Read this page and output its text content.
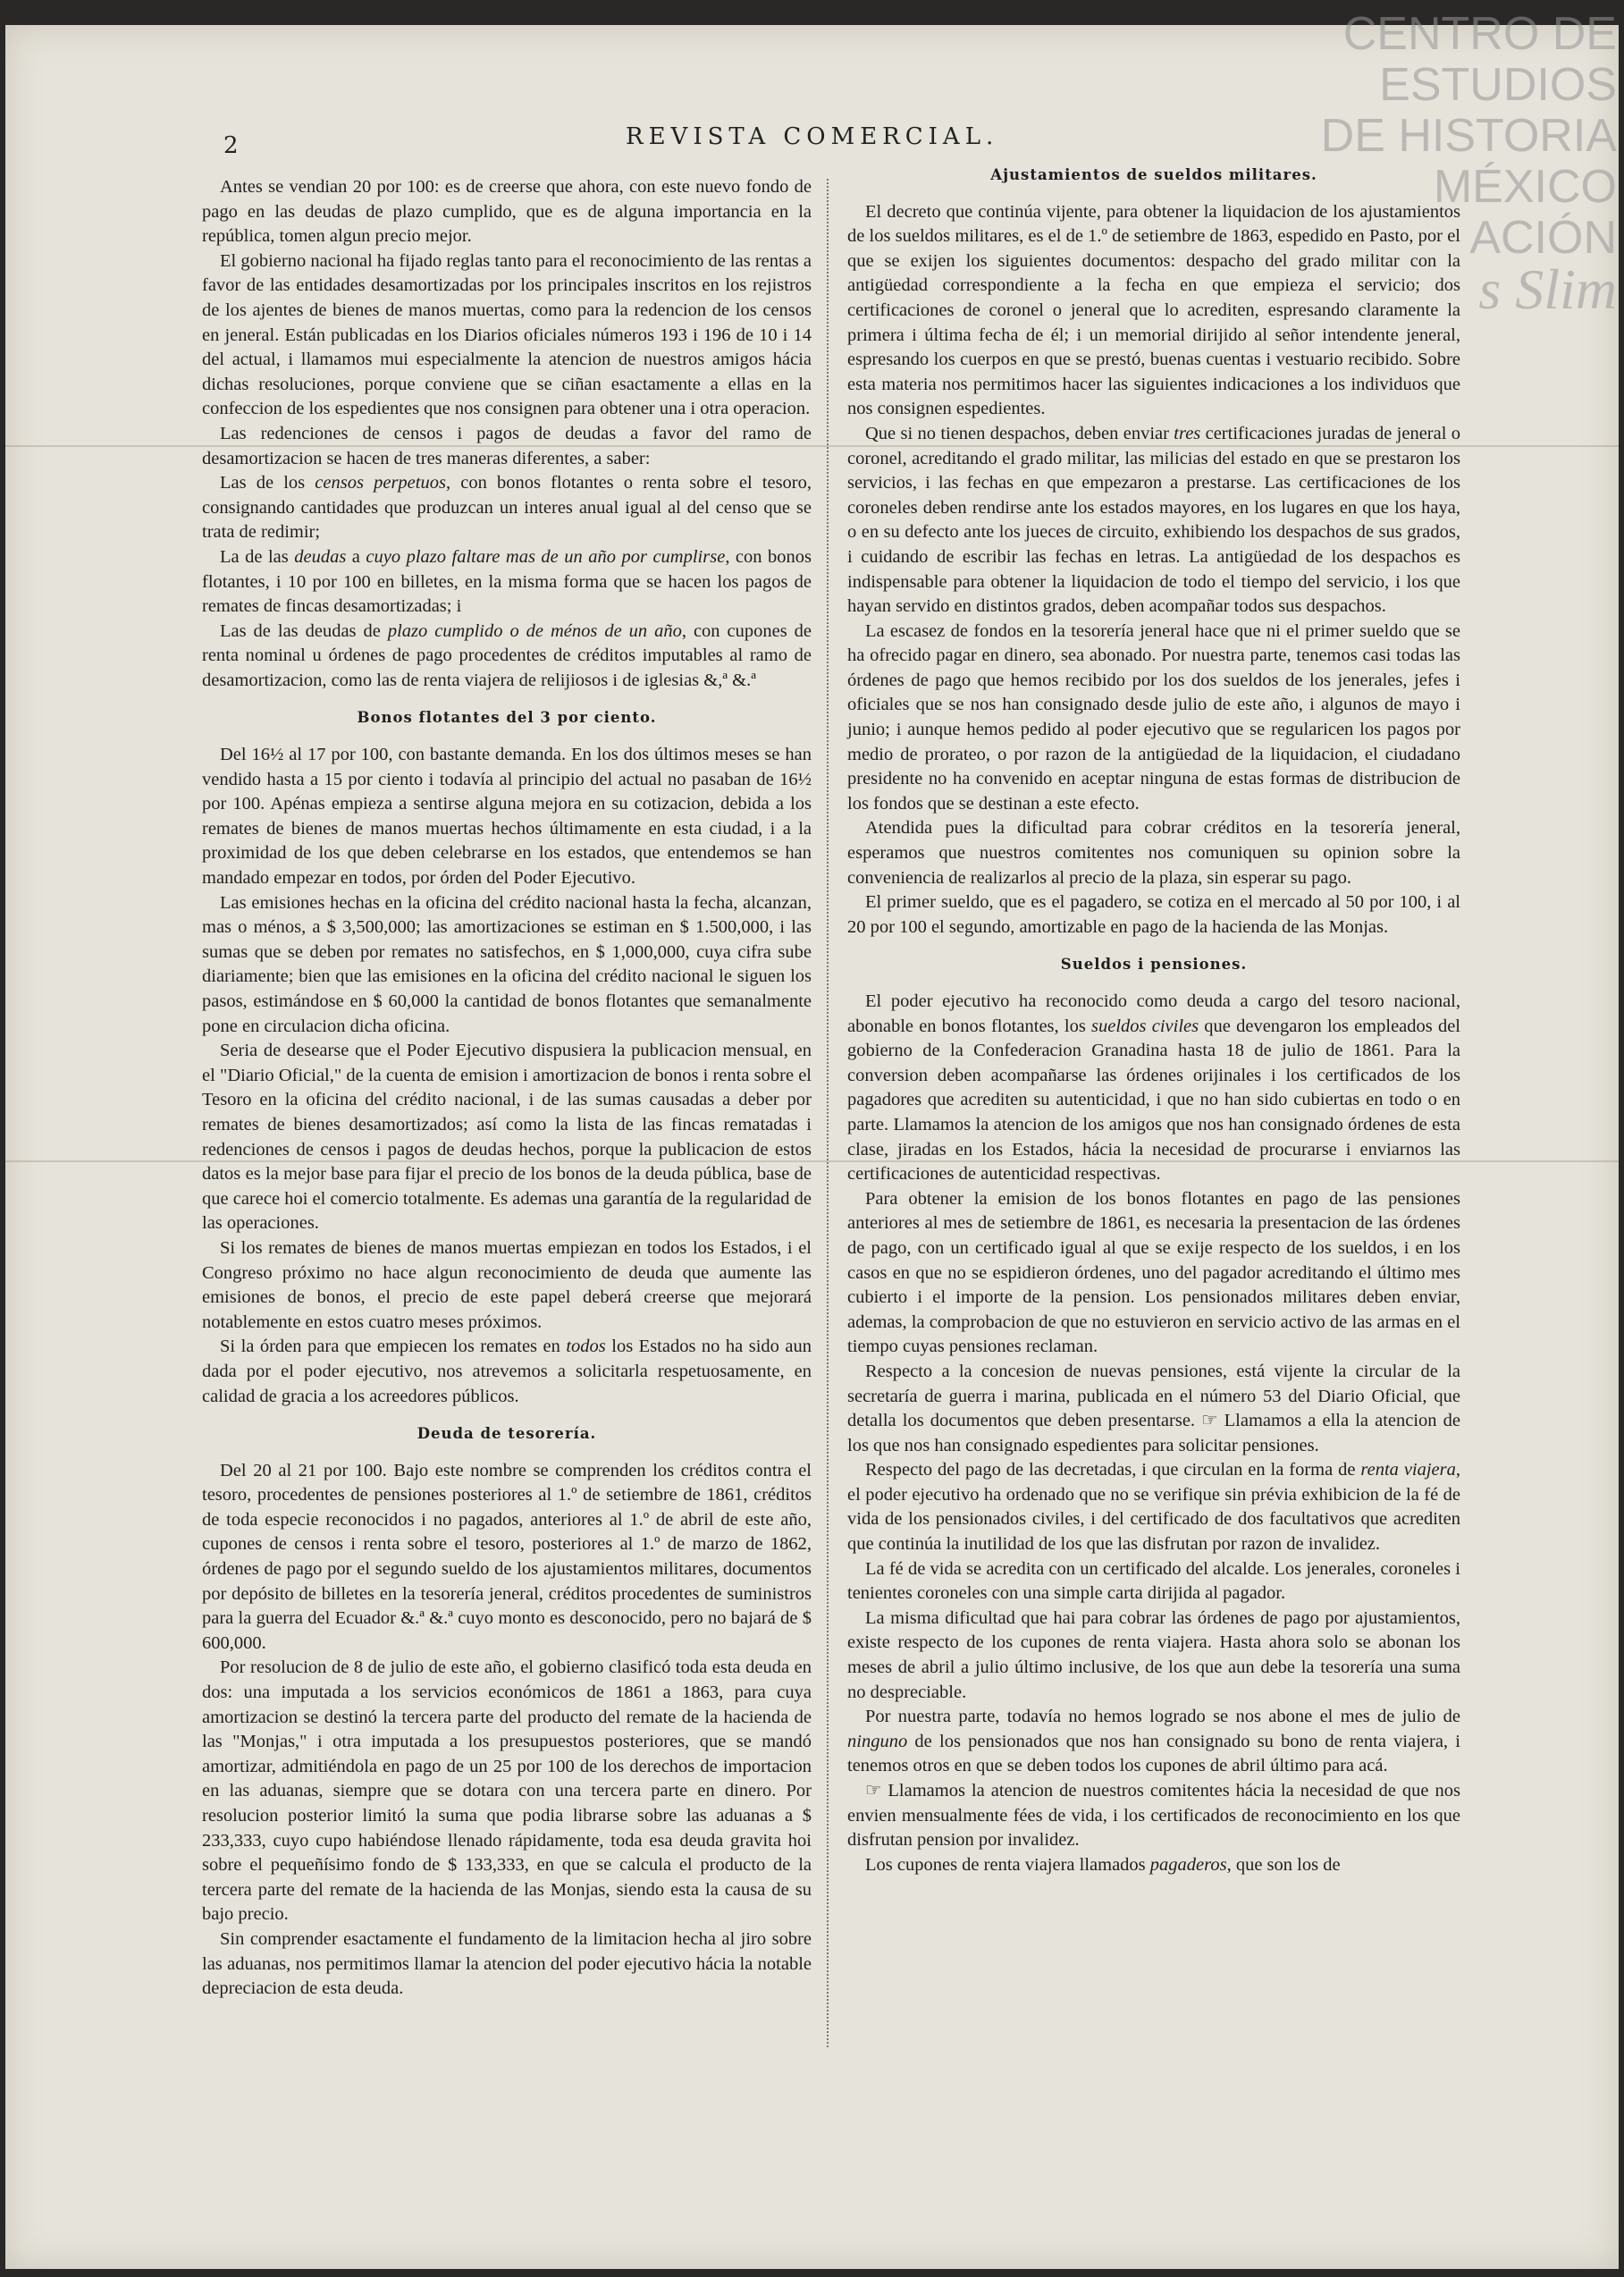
CENTRO DE
ESTUDIOS
DE HISTORIA
MÉXICO
ACIÓN
s Slim
2	REVISTA COMERCIAL.

Antes se vendian 20 por 100: es de creerse que ahora, con este nuevo fondo de pago en las deudas de plazo cumplido, que es de alguna importancia en la república, tomen algun precio mejor.

El gobierno nacional ha fijado reglas tanto para el reconocimiento de las rentas a favor de las entidades desamortizadas por los principales inscritos en los rejistros de los ajentes de bienes de manos muertas, como para la redencion de los censos en jeneral. Están publicadas en los Diarios oficiales números 193 i 196 de 10 i 14 del actual, i llamamos mui especialmente la atencion de nuestros amigos hácia dichas resoluciones, porque conviene que se ciñan esactamente a ellas en la confeccion de los espedientes que nos consignen para obtener una i otra operacion.

Las redenciones de censos i pagos de deudas a favor del ramo de desamortizacion se hacen de tres maneras diferentes, a saber:

Las de los censos perpetuos, con bonos flotantes o renta sobre el tesoro, consignando cantidades que produzcan un interes anual igual al del censo que se trata de redimir;

La de las deudas a cuyo plazo faltare mas de un año por cumplirse, con bonos flotantes, i 10 por 100 en billetes, en la misma forma que se hacen los pagos de remates de fincas desamortizadas; i

Las de las deudas de plazo cumplido o de ménos de un año, con cupones de renta nominal u órdenes de pago procedentes de créditos imputables al ramo de desamortizacion, como las de renta viajera de relijiosos i de iglesias &,ª &.ª

Bonos flotantes del 3 por ciento.

Del 16½ al 17 por 100, con bastante demanda. En los dos últimos meses se han vendido hasta a 15 por ciento i todavía al principio del actual no pasaban de 16½ por 100. Apénas empieza a sentirse alguna mejora en su cotizacion, debida a los remates de bienes de manos muertas hechos últimamente en esta ciudad, i a la proximidad de los que deben celebrarse en los estados, que entendemos se han mandado empezar en todos, por órden del Poder Ejecutivo.

Las emisiones hechas en la oficina del crédito nacional hasta la fecha, alcanzan, mas o ménos, a $ 3,500,000; las amortizaciones se estiman en $ 1.500,000, i las sumas que se deben por remates no satisfechos, en $ 1,000,000, cuya cifra sube diariamente; bien que las emisiones en la oficina del crédito nacional le siguen los pasos, estimándose en $ 60,000 la cantidad de bonos flotantes que semanalmente pone en circulacion dicha oficina.

Seria de desearse que el Poder Ejecutivo dispusiera la publicacion mensual, en el "Diario Oficial," de la cuenta de emision i amortizacion de bonos i renta sobre el Tesoro en la oficina del crédito nacional, i de las sumas causadas a deber por remates de bienes desamortizados; así como la lista de las fincas rematadas i redenciones de censos i pagos de deudas hechos, porque la publicacion de estos datos es la mejor base para fijar el precio de los bonos de la deuda pública, base de que carece hoi el comercio totalmente. Es ademas una garantía de la regularidad de las operaciones.

Si los remates de bienes de manos muertas empiezan en todos los Estados, i el Congreso próximo no hace algun reconocimiento de deuda que aumente las emisiones de bonos, el precio de este papel deberá creerse que mejorará notablemente en estos cuatro meses próximos.

Si la órden para que empiecen los remates en todos los Estados no ha sido aun dada por el poder ejecutivo, nos atrevemos a solicitarla respetuosamente, en calidad de gracia a los acreedores públicos.

Deuda de tesorería.

Del 20 al 21 por 100. Bajo este nombre se comprenden los créditos contra el tesoro, procedentes de pensiones posteriores al 1.º de setiembre de 1861, créditos de toda especie reconocidos i no pagados, anteriores al 1.º de abril de este año, cupones de censos i renta sobre el tesoro, posteriores al 1.º de marzo de 1862, órdenes de pago por el segundo sueldo de los ajustamientos militares, documentos por depósito de billetes en la tesorería jeneral, créditos procedentes de suministros para la guerra del Ecuador &.ª &.ª cuyo monto es desconocido, pero no bajará de $ 600,000.

Por resolucion de 8 de julio de este año, el gobierno clasificó toda esta deuda en dos: una imputada a los servicios económicos de 1861 a 1863, para cuya amortizacion se destinó la tercera parte del producto del remate de la hacienda de las "Monjas," i otra imputada a los presupuestos posteriores, que se mandó amortizar, admitiéndola en pago de un 25 por 100 de los derechos de importacion en las aduanas, siempre que se dotara con una tercera parte en dinero. Por resolucion posterior limitó la suma que podia librarse sobre las aduanas a $ 233,333, cuyo cupo habiéndose llenado rápidamente, toda esa deuda gravita hoi sobre el pequeñísimo fondo de $ 133,333, en que se calcula el producto de la tercera parte del remate de la hacienda de las Monjas, siendo esta la causa de su bajo precio.

Sin comprender esactamente el fundamento de la limitacion hecha al jiro sobre las aduanas, nos permitimos llamar la atencion del poder ejecutivo hácia la notable depreciacion de esta deuda.

Ajustamientos de sueldos militares.

El decreto que continúa vijente, para obtener la liquidacion de los ajustamientos de los sueldos militares, es el de 1.º de setiembre de 1863, espedido en Pasto, por el que se exijen los siguientes documentos: despacho del grado militar con la antigüedad correspondiente a la fecha en que empieza el servicio; dos certificaciones de coronel o jeneral que lo acrediten, espresando claramente la primera i última fecha de él; i un memorial dirijido al señor intendente jeneral, espresando los cuerpos en que se prestó, buenas cuentas i vestuario recibido. Sobre esta materia nos permitimos hacer las siguientes indicaciones a los individuos que nos consignen espedientes.

Que si no tienen despachos, deben enviar tres certificaciones juradas de jeneral o coronel, acreditando el grado militar, las milicias del estado en que se prestaron los servicios, i las fechas en que empezaron a prestarse. Las certificaciones de los coroneles deben rendirse ante los estados mayores, en los lugares en que los haya, o en su defecto ante los jueces de circuito, exhibiendo los despachos de sus grados, i cuidando de escribir las fechas en letras. La antigüedad de los despachos es indispensable para obtener la liquidacion de todo el tiempo del servicio, i los que hayan servido en distintos grados, deben acompañar todos sus despachos.

La escasez de fondos en la tesorería jeneral hace que ni el primer sueldo que se ha ofrecido pagar en dinero, sea abonado. Por nuestra parte, tenemos casi todas las órdenes de pago que hemos recibido por los dos sueldos de los jenerales, jefes i oficiales que se nos han consignado desde julio de este año, i algunos de mayo i junio; i aunque hemos pedido al poder ejecutivo que se regularicen los pagos por medio de prorateo, o por razon de la antigüedad de la liquidacion, el ciudadano presidente no ha convenido en aceptar ninguna de estas formas de distribucion de los fondos que se destinan a este efecto.

Atendida pues la dificultad para cobrar créditos en la tesorería jeneral, esperamos que nuestros comitentes nos comuniquen su opinion sobre la conveniencia de realizarlos al precio de la plaza, sin esperar su pago.

El primer sueldo, que es el pagadero, se cotiza en el mercado al 50 por 100, i al 20 por 100 el segundo, amortizable en pago de la hacienda de las Monjas.

Sueldos i pensiones.

El poder ejecutivo ha reconocido como deuda a cargo del tesoro nacional, abonable en bonos flotantes, los sueldos civiles que devengaron los empleados del gobierno de la Confederacion Granadina hasta 18 de julio de 1861. Para la conversion deben acompañarse las órdenes orijinales i los certificados de los pagadores que acrediten su autenticidad, i que no han sido cubiertas en todo o en parte. Llamamos la atencion de los amigos que nos han consignado órdenes de esta clase, jiradas en los Estados, hácia la necesidad de procurarse i enviarnos las certificaciones de autenticidad respectivas.

Para obtener la emision de los bonos flotantes en pago de las pensiones anteriores al mes de setiembre de 1861, es necesaria la presentacion de las órdenes de pago, con un certificado igual al que se exije respecto de los sueldos, i en los casos en que no se espidieron órdenes, uno del pagador acreditando el último mes cubierto i el importe de la pension. Los pensionados militares deben enviar, ademas, la comprobacion de que no estuvieron en servicio activo de las armas en el tiempo cuyas pensiones reclaman.

Respecto a la concesion de nuevas pensiones, está vijente la circular de la secretaría de guerra i marina, publicada en el número 53 del Diario Oficial, que detalla los documentos que deben presentarse. ☞ Llamamos a ella la atencion de los que nos han consignado espedientes para solicitar pensiones.

Respecto del pago de las decretadas, i que circulan en la forma de renta viajera, el poder ejecutivo ha ordenado que no se verifique sin prévia exhibicion de la fé de vida de los pensionados civiles, i del certificado de dos facultativos que acrediten que continúa la inutilidad de los que las disfrutan por razon de invalidez.

La fé de vida se acredita con un certificado del alcalde. Los jenerales, coroneles i tenientes coroneles con una simple carta dirijida al pagador.

La misma dificultad que hai para cobrar las órdenes de pago por ajustamientos, existe respecto de los cupones de renta viajera. Hasta ahora solo se abonan los meses de abril a julio último inclusive, de los que aun debe la tesorería una suma no despreciable.

Por nuestra parte, todavía no hemos logrado se nos abone el mes de julio de ninguno de los pensionados que nos han consignado su bono de renta viajera, i tenemos otros en que se deben todos los cupones de abril último para acá.

☞ Llamamos la atencion de nuestros comitentes hácia la necesidad de que nos envien mensualmente fées de vida, i los certificados de reconocimiento en los que disfrutan pension por invalidez.

Los cupones de renta viajera llamados pagaderos, que son los de
